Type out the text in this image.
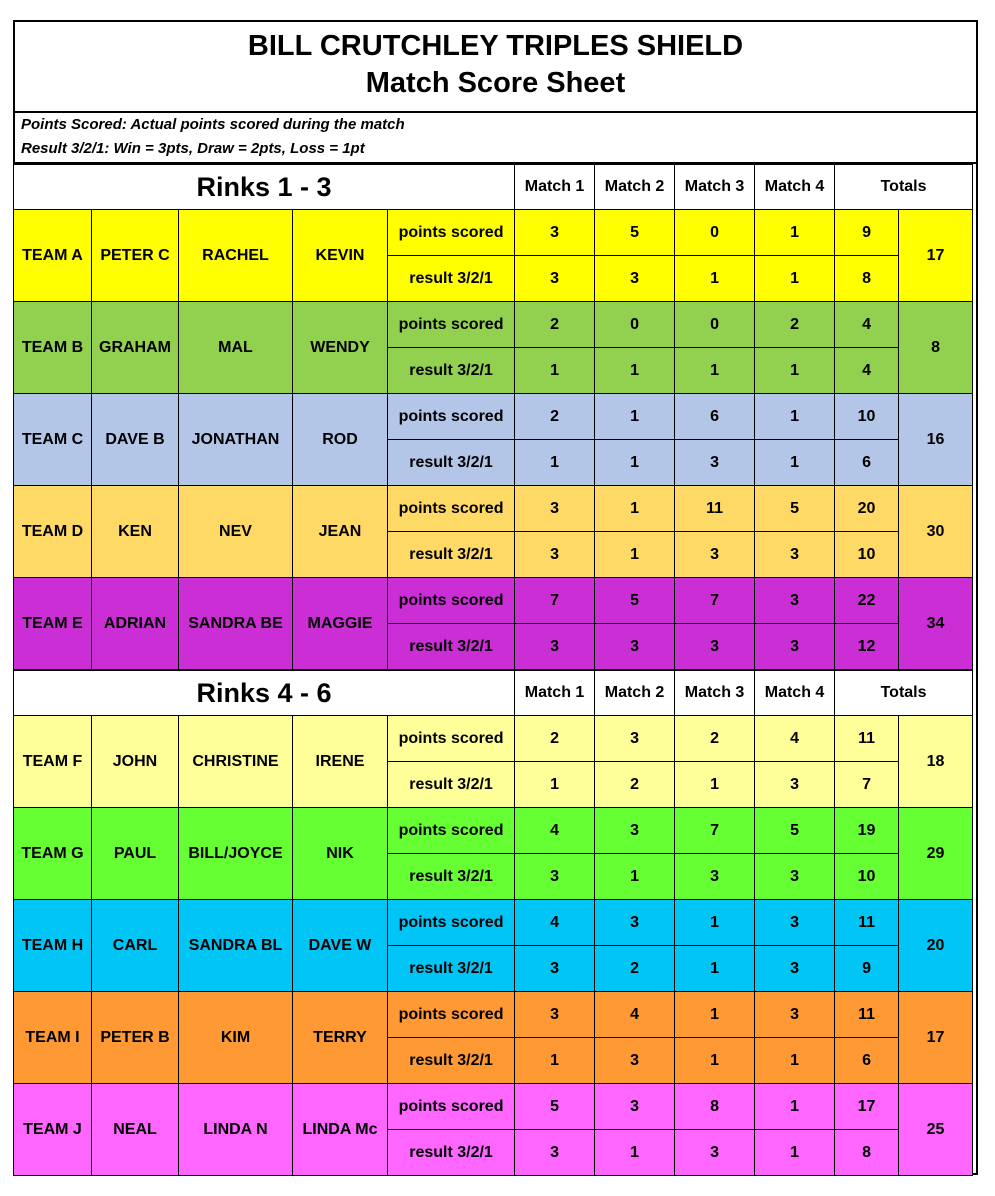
BILL CRUTCHLEY TRIPLES SHIELD
Match Score Sheet
Points Scored: Actual points scored during the match
Result 3/2/1: Win = 3pts, Draw = 2pts, Loss = 1pt
Rinks 1 - 3					Match 1	Match 2	Match 3	Match 4	Totals	
TEAM A	PETER C	RACHEL	KEVIN	points scored	3	5	0	1	9	17
				result 3/2/1	3	3	1	1	8	
TEAM B	GRAHAM	MAL	WENDY	points scored	2	0	0	2	4	8
				result 3/2/1	1	1	1	1	4	
TEAM C	DAVE B	JONATHAN	ROD	points scored	2	1	6	1	10	16
				result 3/2/1	1	1	3	1	6	
TEAM D	KEN	NEV	JEAN	points scored	3	1	11	5	20	30
				result 3/2/1	3	1	3	3	10	
TEAM E	ADRIAN	SANDRA BE	MAGGIE	points scored	7	5	7	3	22	34
				result 3/2/1	3	3	3	3	12	
Rinks 4 - 6					Match 1	Match 2	Match 3	Match 4	Totals	
TEAM F	JOHN	CHRISTINE	IRENE	points scored	2	3	2	4	11	18
				result 3/2/1	1	2	1	3	7	
TEAM G	PAUL	BILL/JOYCE	NIK	points scored	4	3	7	5	19	29
				result 3/2/1	3	1	3	3	10	
TEAM H	CARL	SANDRA BL	DAVE W	points scored	4	3	1	3	11	20
				result 3/2/1	3	2	1	3	9	
TEAM I	PETER B	KIM	TERRY	points scored	3	4	1	3	11	17
				result 3/2/1	1	3	1	1	6	
TEAM J	NEAL	LINDA N	LINDA Mc	points scored	5	3	8	1	17	25
				result 3/2/1	3	1	3	1	8	
